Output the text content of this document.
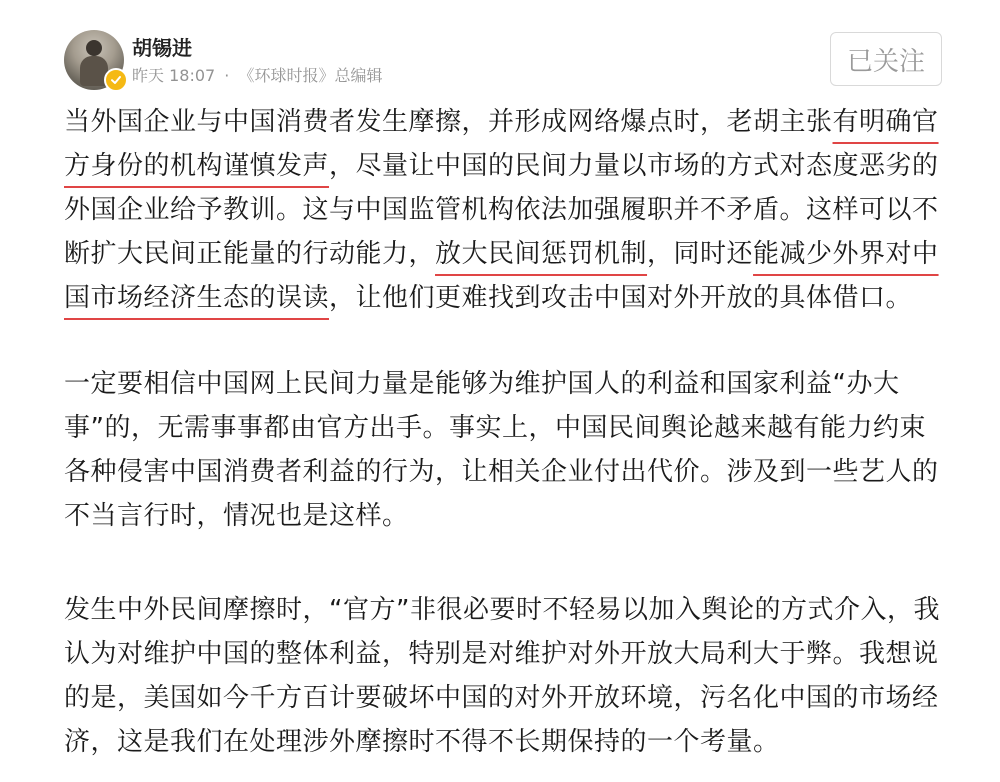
胡锡进
昨天 18:07 · 《环球时报》总编辑	已关注

当外国企业与中国消费者发生摩擦，并形成网络爆点时，老胡主张有明确官方身份的机构谨慎发声，尽量让中国的民间力量以市场的方式对态度恶劣的外国企业给予教训。这与中国监管机构依法加强履职并不矛盾。这样可以不断扩大民间正能量的行动能力，放大民间惩罚机制，同时还能减少外界对中国市场经济生态的误读，让他们更难找到攻击中国对外开放的具体借口。

一定要相信中国网上民间力量是能够为维护国人的利益和国家利益“办大事”的，无需事事都由官方出手。事实上，中国民间舆论越来越有能力约束各种侵害中国消费者利益的行为，让相关企业付出代价。涉及到一些艺人的不当言行时，情况也是这样。

发生中外民间摩擦时，“官方”非很必要时不轻易以加入舆论的方式介入，我认为对维护中国的整体利益，特别是对维护对外开放大局利大于弊。我想说的是，美国如今千方百计要破坏中国的对外开放环境，污名化中国的市场经济，这是我们在处理涉外摩擦时不得不长期保持的一个考量。
